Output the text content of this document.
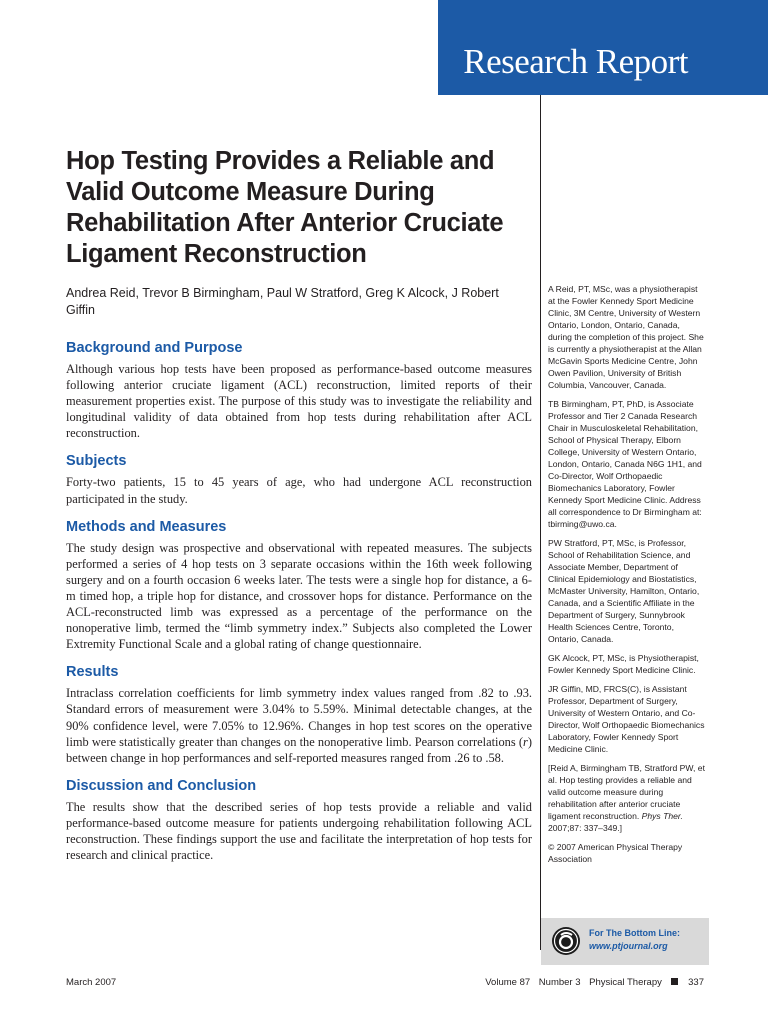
Research Report
Hop Testing Provides a Reliable and Valid Outcome Measure During Rehabilitation After Anterior Cruciate Ligament Reconstruction

Andrea Reid, Trevor B Birmingham, Paul W Stratford, Greg K Alcock, J Robert Giffin

Background and Purpose

Although various hop tests have been proposed as performance-based outcome measures following anterior cruciate ligament (ACL) reconstruction, limited reports of their measurement properties exist. The purpose of this study was to investigate the reliability and longitudinal validity of data obtained from hop tests during rehabilitation after ACL reconstruction.

Subjects

Forty-two patients, 15 to 45 years of age, who had undergone ACL reconstruction participated in the study.

Methods and Measures

The study design was prospective and observational with repeated measures. The subjects performed a series of 4 hop tests on 3 separate occasions within the 16th week following surgery and on a fourth occasion 6 weeks later. The tests were a single hop for distance, a 6-m timed hop, a triple hop for distance, and crossover hops for distance. Performance on the ACL-reconstructed limb was expressed as a percentage of the performance on the nonoperative limb, termed the “limb symmetry index.” Subjects also completed the Lower Extremity Functional Scale and a global rating of change questionnaire.

Results

Intraclass correlation coefficients for limb symmetry index values ranged from .82 to .93. Standard errors of measurement were 3.04% to 5.59%. Minimal detectable changes, at the 90% confidence level, were 7.05% to 12.96%. Changes in hop test scores on the operative limb were statistically greater than changes on the nonoperative limb. Pearson correlations (r) between change in hop performances and self-reported measures ranged from .26 to .58.

Discussion and Conclusion

The results show that the described series of hop tests provide a reliable and valid performance-based outcome measure for patients undergoing rehabilitation following ACL reconstruction. These findings support the use and facilitate the interpretation of hop tests for research and clinical practice.

A Reid, PT, MSc, was a physiotherapist at the Fowler Kennedy Sport Medicine Clinic, 3M Centre, University of Western Ontario, London, Ontario, Canada, during the completion of this project. She is currently a physiotherapist at the Allan McGavin Sports Medicine Centre, John Owen Pavilion, University of British Columbia, Vancouver, Canada.

TB Birmingham, PT, PhD, is Associate Professor and Tier 2 Canada Research Chair in Musculoskeletal Rehabilitation, School of Physical Therapy, Elborn College, University of Western Ontario, London, Ontario, Canada N6G 1H1, and Co-Director, Wolf Orthopaedic Biomechanics Laboratory, Fowler Kennedy Sport Medicine Clinic. Address all correspondence to Dr Birmingham at: tbirming@uwo.ca.

PW Stratford, PT, MSc, is Professor, School of Rehabilitation Science, and Associate Member, Department of Clinical Epidemiology and Biostatistics, McMaster University, Hamilton, Ontario, Canada, and a Scientific Affiliate in the Department of Surgery, Sunnybrook Health Sciences Centre, Toronto, Ontario, Canada.

GK Alcock, PT, MSc, is Physiotherapist, Fowler Kennedy Sport Medicine Clinic.

JR Giffin, MD, FRCS(C), is Assistant Professor, Department of Surgery, University of Western Ontario, and Co-Director, Wolf Orthopaedic Biomechanics Laboratory, Fowler Kennedy Sport Medicine Clinic.

[Reid A, Birmingham TB, Stratford PW, et al. Hop testing provides a reliable and valid outcome measure during rehabilitation after anterior cruciate ligament reconstruction. Phys Ther. 2007;87: 337–349.]

© 2007 American Physical Therapy Association

For The Bottom Line:
www.ptjournal.org
March 2007	Volume 87 Number 3 Physical Therapy	337
